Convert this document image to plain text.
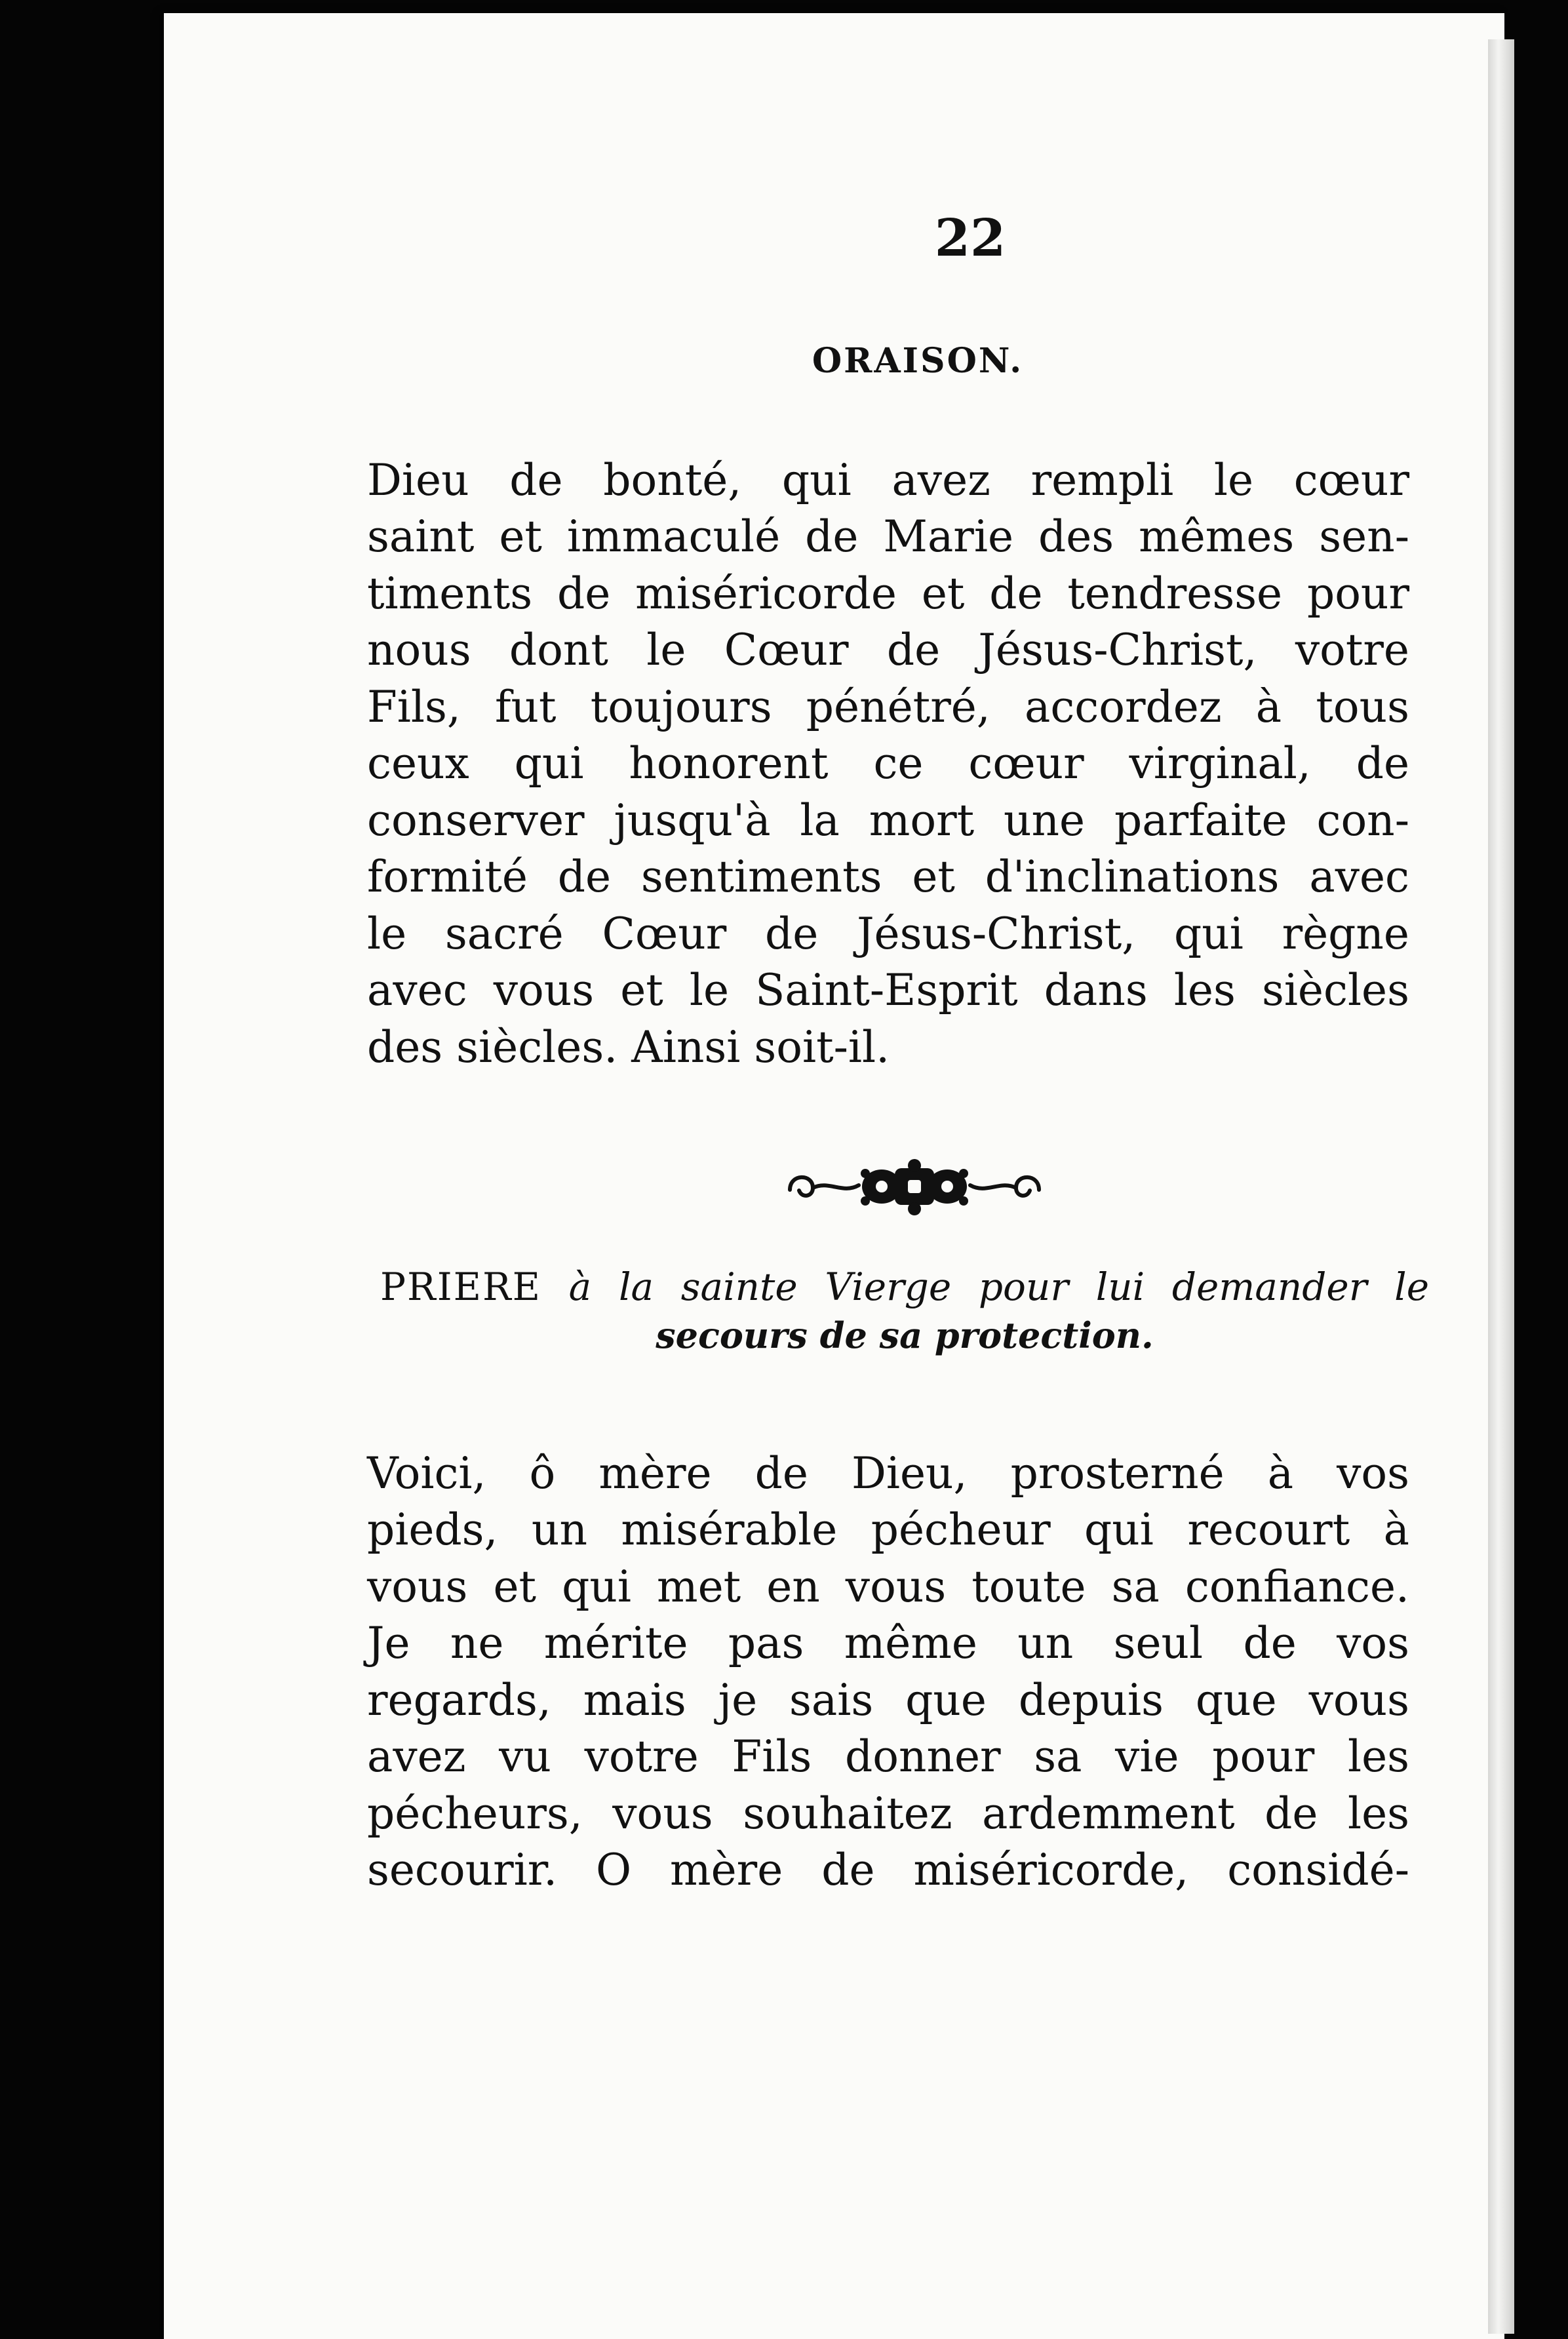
22
ORAISON.
Dieu de bonté, qui avez rempli le cœur
saint et immaculé de Marie des mêmes sen-
timents de miséricorde et de tendresse pour
nous dont le Cœur de Jésus-Christ, votre
Fils, fut toujours pénétré, accordez à tous
ceux qui honorent ce cœur virginal, de
conserver jusqu'à la mort une parfaite con-
formité de sentiments et d'inclinations avec
le sacré Cœur de Jésus-Christ, qui règne
avec vous et le Saint-Esprit dans les siècles
des siècles. Ainsi soit-il.
PRIERE à la sainte Vierge pour lui demander le
secours de sa protection.
Voici, ô mère de Dieu, prosterné à vos
pieds, un misérable pécheur qui recourt à
vous et qui met en vous toute sa confiance.
Je ne mérite pas même un seul de vos
regards, mais je sais que depuis que vous
avez vu votre Fils donner sa vie pour les
pécheurs, vous souhaitez ardemment de les
secourir. O mère de miséricorde, considé-
